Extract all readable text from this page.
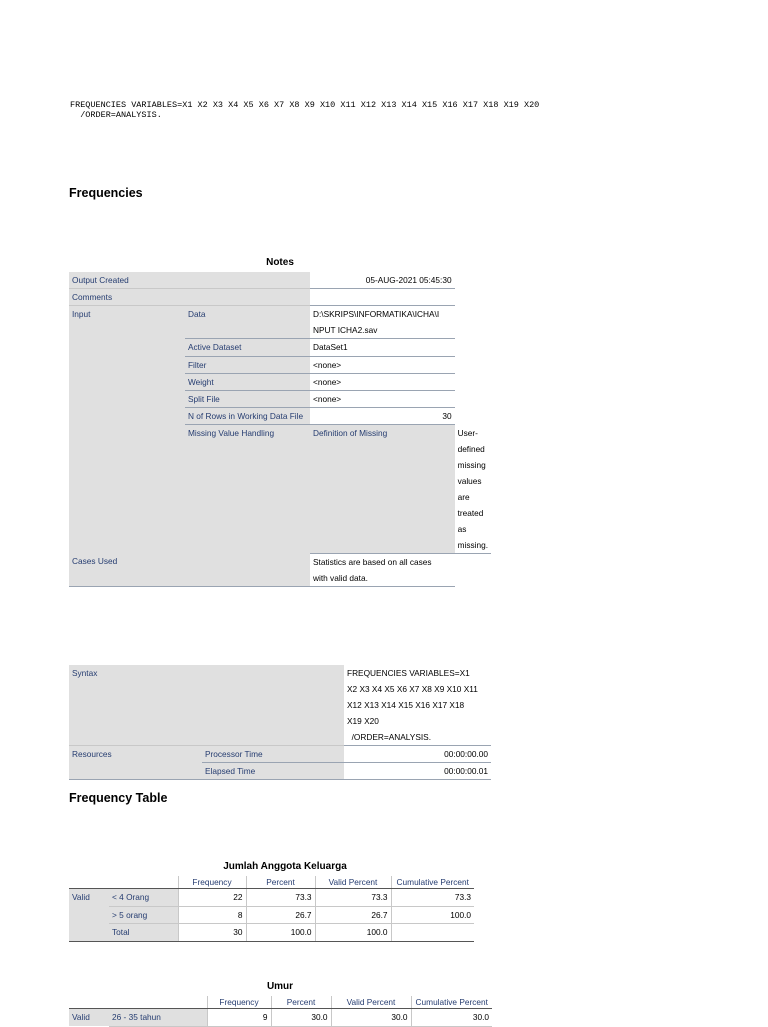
FREQUENCIES VARIABLES=X1 X2 X3 X4 X5 X6 X7 X8 X9 X10 X11 X12 X13 X14 X15 X16 X17 X18 X19 X20
/ORDER=ANALYSIS.
Frequencies
Notes
Output Created		05-AUG-2021 05:45:30	
Comments			
Input	Data	D:\SKRIPS\INFORMATIKA\ICHA\I
NPUT ICHA2.sav	
	Active Dataset	DataSet1	
	Filter	<none>	
	Weight	<none>	
	Split File	<none>	
	N of Rows in Working Data File	30	
	Missing Value Handling	Definition of Missing	User-defined missing values are
treated as missing.
Cases Used		Statistics are based on all cases
with valid data.	
Syntax		FREQUENCIES VARIABLES=X1
X2 X3 X4 X5 X6 X7 X8 X9 X10 X11
X12 X13 X14 X15 X16 X17 X18
X19 X20
/ORDER=ANALYSIS.
Resources	Processor Time	00:00:00.00
	Elapsed Time	00:00:00.01
Frequency Table
Jumlah Anggota Keluarga
		Frequency	Percent	Valid Percent	Cumulative Percent
Valid	< 4 Orang	22	73.3	73.3	73.3
	> 5 orang	8	26.7	26.7	100.0
	Total	30	100.0	100.0	
Umur
		Frequency	Percent	Valid Percent	Cumulative Percent
Valid	26 - 35 tahun	9	30.0	30.0	30.0
